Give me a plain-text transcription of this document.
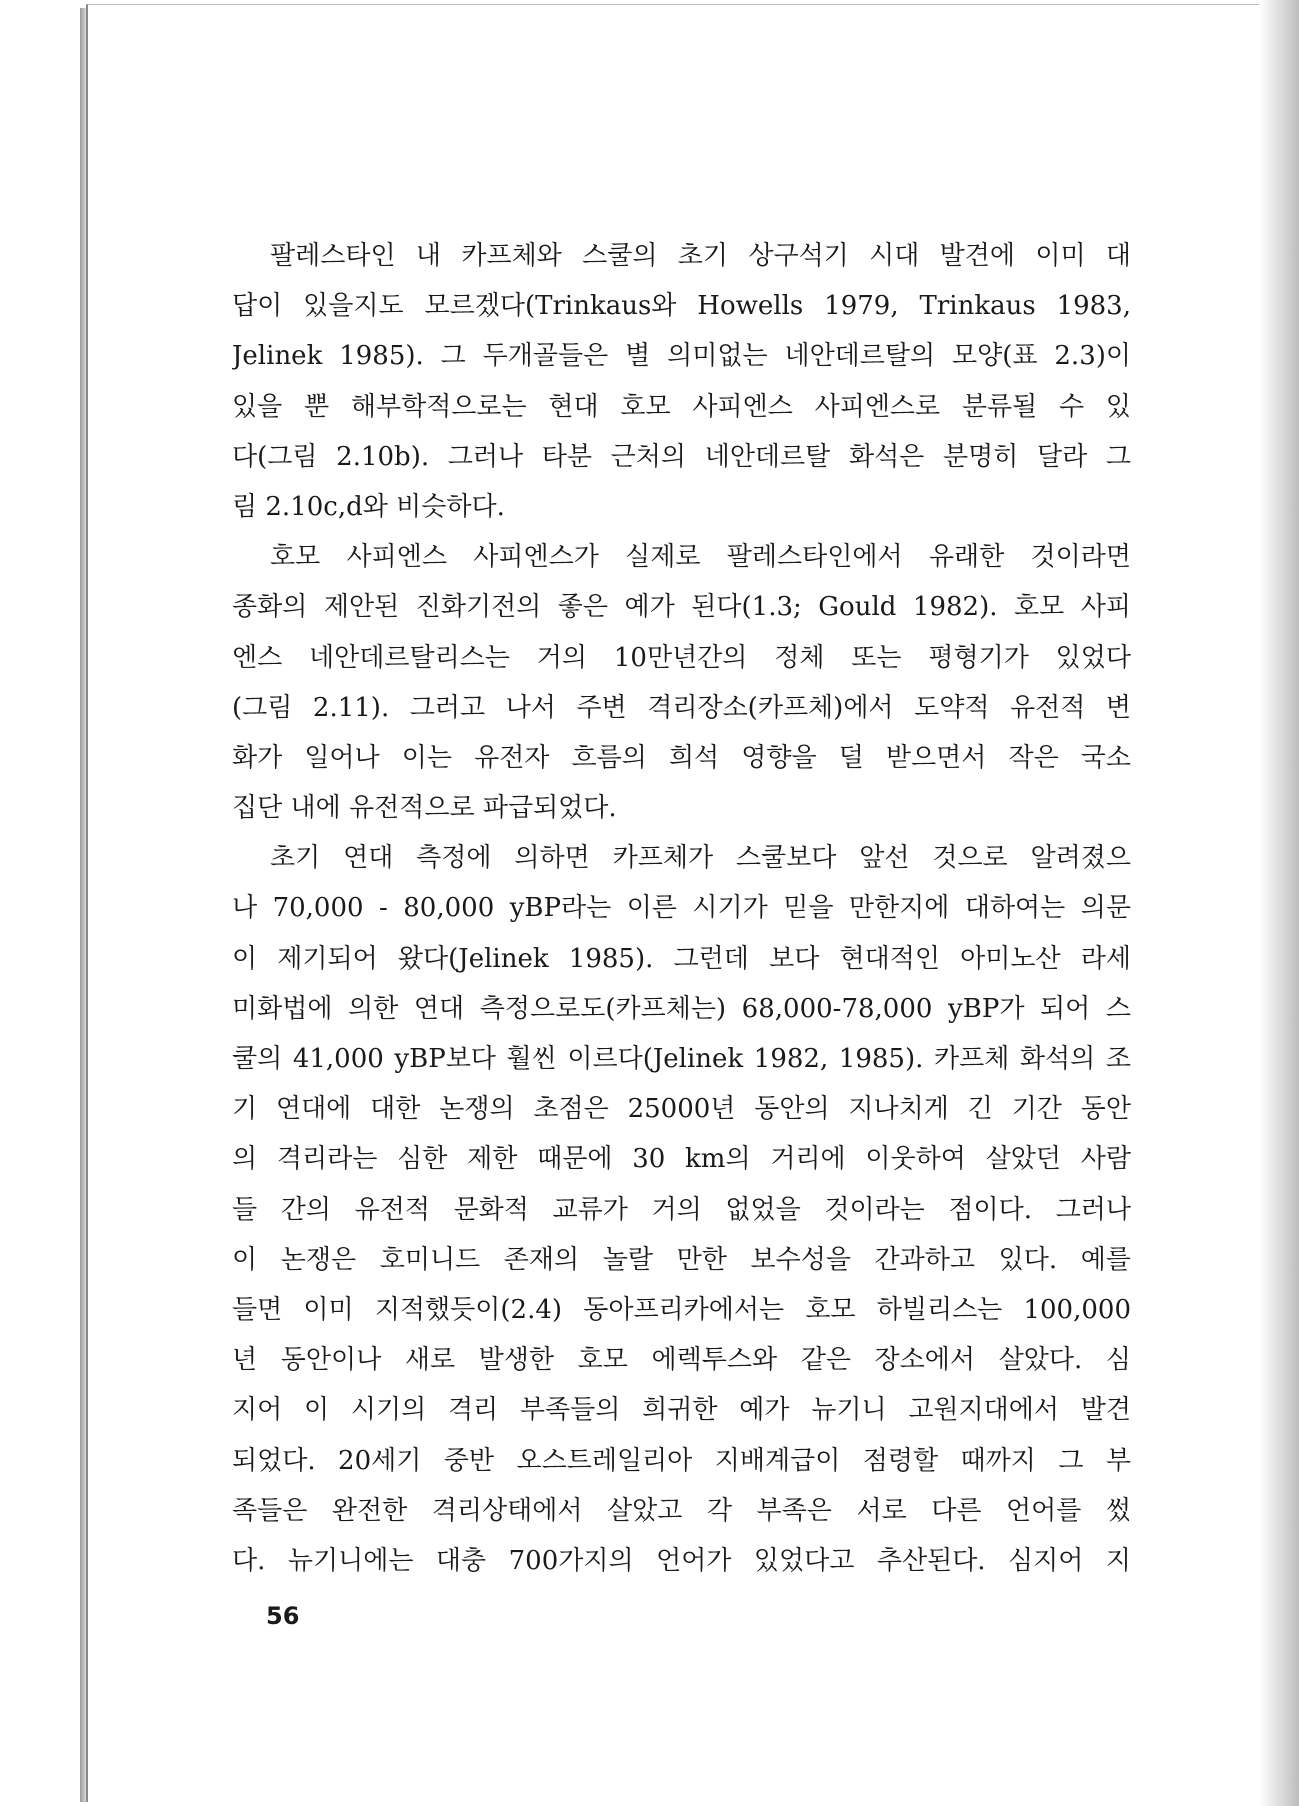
팔레스타인 내 카프체와 스쿨의 초기 상구석기 시대 발견에 이미 대
답이 있을지도 모르겠다(Trinkaus와 Howells 1979, Trinkaus 1983,
Jelinek 1985). 그 두개골들은 별 의미없는 네안데르탈의 모양(표 2.3)이
있을 뿐 해부학적으로는 현대 호모 사피엔스 사피엔스로 분류될 수 있
다(그림 2.10b). 그러나 타분 근처의 네안데르탈 화석은 분명히 달라 그
림 2.10c,d와 비슷하다.
호모 사피엔스 사피엔스가 실제로 팔레스타인에서 유래한 것이라면
종화의 제안된 진화기전의 좋은 예가 된다(1.3; Gould 1982). 호모 사피
엔스 네안데르탈리스는 거의 10만년간의 정체 또는 평형기가 있었다
(그림 2.11). 그러고 나서 주변 격리장소(카프체)에서 도약적 유전적 변
화가 일어나 이는 유전자 흐름의 희석 영향을 덜 받으면서 작은 국소
집단 내에 유전적으로 파급되었다.
초기 연대 측정에 의하면 카프체가 스쿨보다 앞선 것으로 알려졌으
나 70,000 - 80,000 yBP라는 이른 시기가 믿을 만한지에 대하여는 의문
이 제기되어 왔다(Jelinek 1985). 그런데 보다 현대적인 아미노산 라세
미화법에 의한 연대 측정으로도(카프체는) 68,000-78,000 yBP가 되어 스
쿨의 41,000 yBP보다 훨씬 이르다(Jelinek 1982, 1985). 카프체 화석의 조
기 연대에 대한 논쟁의 초점은 25000년 동안의 지나치게 긴 기간 동안
의 격리라는 심한 제한 때문에 30 km의 거리에 이웃하여 살았던 사람
들 간의 유전적 문화적 교류가 거의 없었을 것이라는 점이다. 그러나
이 논쟁은 호미니드 존재의 놀랄 만한 보수성을 간과하고 있다. 예를
들면 이미 지적했듯이(2.4) 동아프리카에서는 호모 하빌리스는 100,000
년 동안이나 새로 발생한 호모 에렉투스와 같은 장소에서 살았다. 심
지어 이 시기의 격리 부족들의 희귀한 예가 뉴기니 고원지대에서 발견
되었다. 20세기 중반 오스트레일리아 지배계급이 점령할 때까지 그 부
족들은 완전한 격리상태에서 살았고 각 부족은 서로 다른 언어를 썼
다. 뉴기니에는 대충 700가지의 언어가 있었다고 추산된다. 심지어 지
56
